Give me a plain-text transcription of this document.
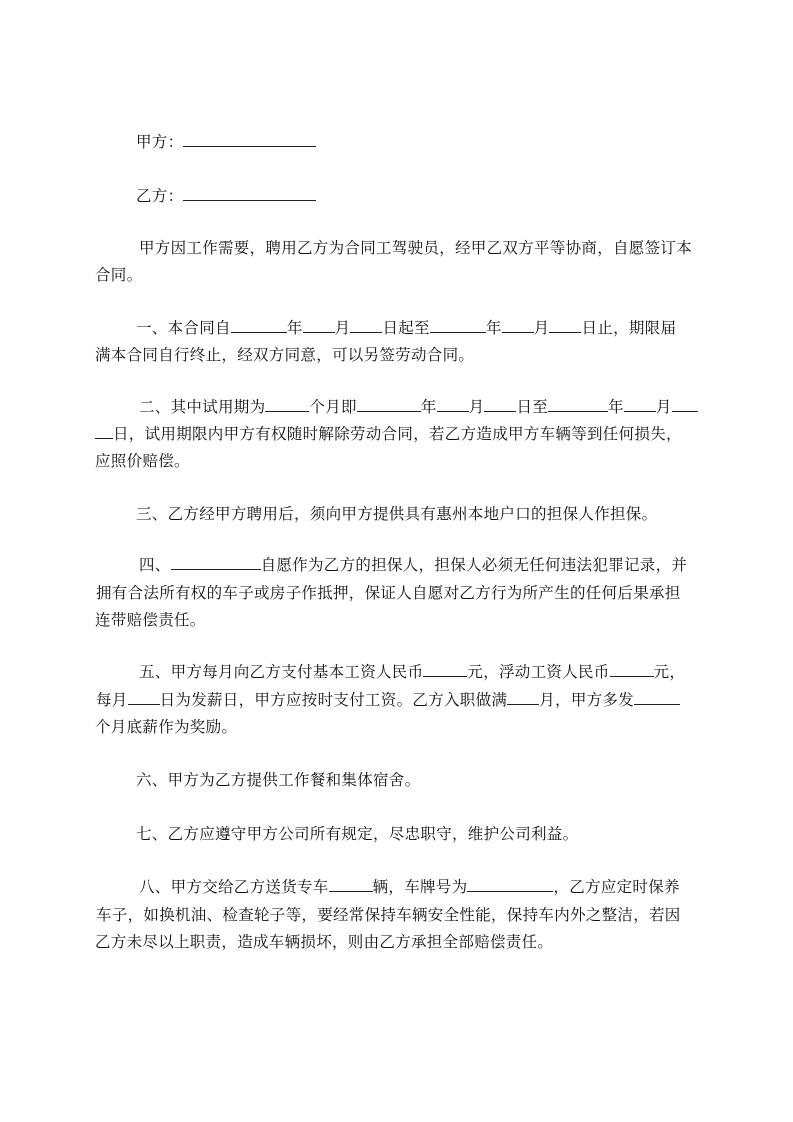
甲方：
乙方：
甲方因工作需要，聘用乙方为合同工驾驶员，经甲乙双方平等协商，自愿签订本
合同。
一、本合同自	年 月 日起至	年 月 日止，期限届
满本合同自行终止，经双方同意，可以另签劳动合同。
二、其中试用期为	个月即	年 月 日至	年 月
日，试用期限内甲方有权随时解除劳动合同，若乙方造成甲方车辆等到任何损失，
应照价赔偿。
三、乙方经甲方聘用后，须向甲方提供具有惠州本地户口的担保人作担保。
四、	自愿作为乙方的担保人，担保人必须无任何违法犯罪记录，并
拥有合法所有权的车子或房子作抵押，保证人自愿对乙方行为所产生的任何后果承担
连带赔偿责任。
五、甲方每月向乙方支付基本工资人民币	元，浮动工资人民币	元，
每月 日为发薪日，甲方应按时支付工资。乙方入职做满 月，甲方多发
个月底薪作为奖励。
六、甲方为乙方提供工作餐和集体宿舍。
七、乙方应遵守甲方公司所有规定，尽忠职守，维护公司利益。
八、甲方交给乙方送货专车	辆，车牌号为	，乙方应定时保养
车子，如换机油、检查轮子等，要经常保持车辆安全性能，保持车内外之整洁，若因
乙方未尽以上职责，造成车辆损坏，则由乙方承担全部赔偿责任。
